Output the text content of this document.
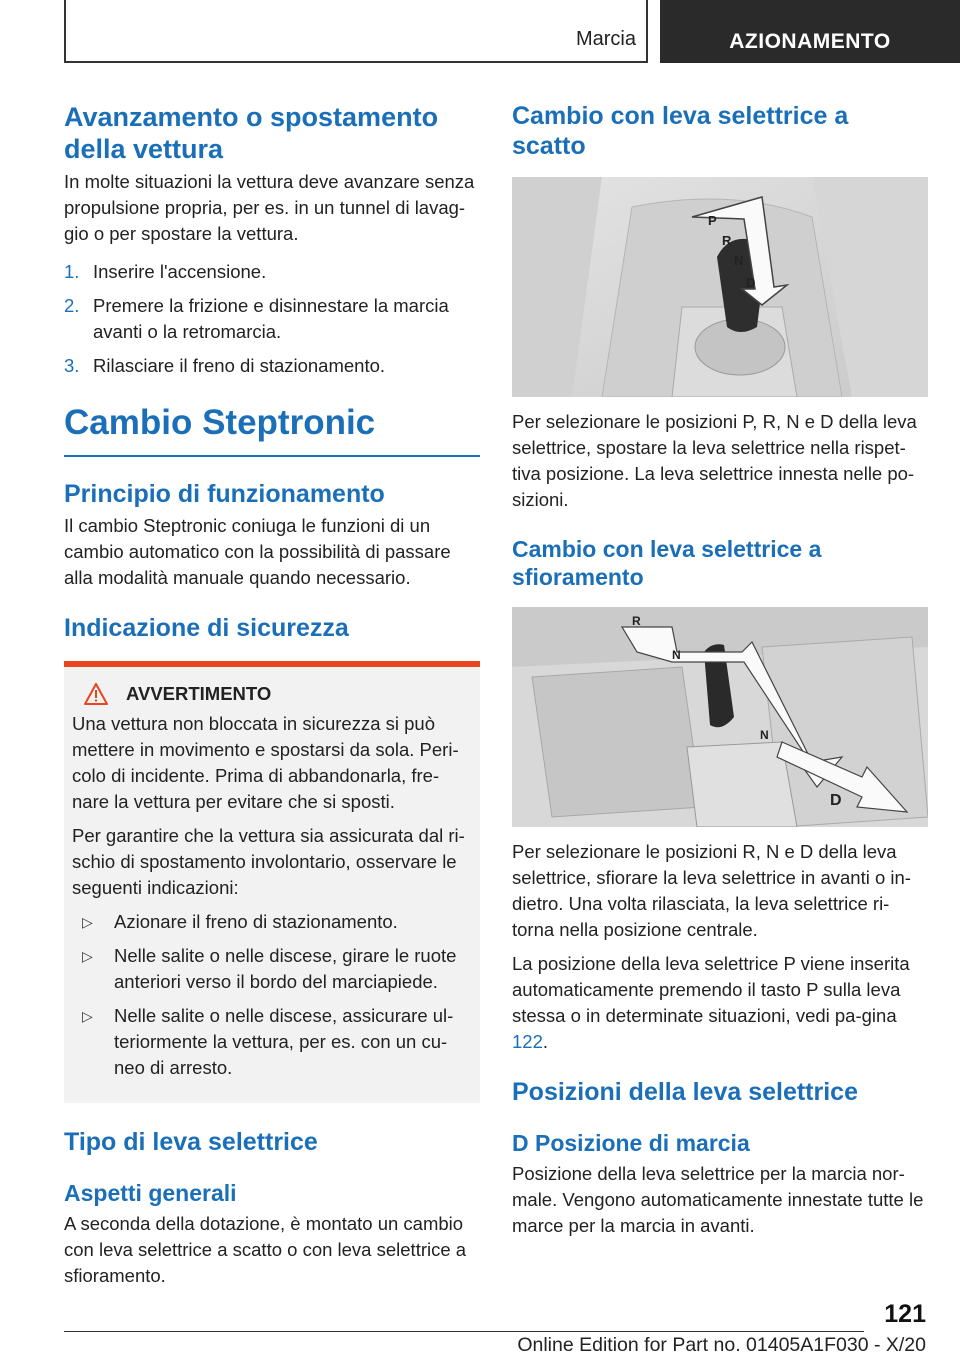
Marcia	AZIONAMENTO
Avanzamento o spostamento della vettura

In molte situazioni la vettura deve avanzare senza propulsione propria, per es. in un tunnel di lavag-gio o per spostare la vettura.

1. Inserire l'accensione.
2. Premere la frizione e disinnestare la marcia avanti o la retromarcia.
3. Rilasciare il freno di stazionamento.
Cambio Steptronic
Principio di funzionamento

Il cambio Steptronic coniuga le funzioni di un cambio automatico con la possibilità di passare alla modalità manuale quando necessario.

Indicazione di sicurezza
AVVERTIMENTO

Una vettura non bloccata in sicurezza si può mettere in movimento e spostarsi da sola. Peri-colo di incidente. Prima di abbandonarla, fre-nare la vettura per evitare che si sposti.

Per garantire che la vettura sia assicurata dal ri-schio di spostamento involontario, osservare le seguenti indicazioni:

▷ Azionare il freno di stazionamento.
▷ Nelle salite o nelle discese, girare le ruote anteriori verso il bordo del marciapiede.
▷ Nelle salite o nelle discese, assicurare ul-teriormente la vettura, per es. con un cu-neo di arresto.
Tipo di leva selettrice
Aspetti generali

A seconda della dotazione, è montato un cambio con leva selettrice a scatto o con leva selettrice a sfioramento.

Cambio con leva selettrice a scatto
P
R
N
D

Per selezionare le posizioni P, R, N e D della leva selettrice, spostare la leva selettrice nella rispet-tiva posizione. La leva selettrice innesta nelle po-sizioni.

Cambio con leva selettrice a sfioramento
R
N
N
D

Per selezionare le posizioni R, N e D della leva selettrice, sfiorare la leva selettrice in avanti o in-dietro. Una volta rilasciata, la leva selettrice ri-torna nella posizione centrale.

La posizione della leva selettrice P viene inserita automaticamente premendo il tasto P sulla leva stessa o in determinate situazioni, vedi pa-gina 122.

Posizioni della leva selettrice
D Posizione di marcia

Posizione della leva selettrice per la marcia nor-male. Vengono automaticamente innestate tutte le marce per la marcia in avanti.

121
Online Edition for Part no. 01405A1F030 - X/20
